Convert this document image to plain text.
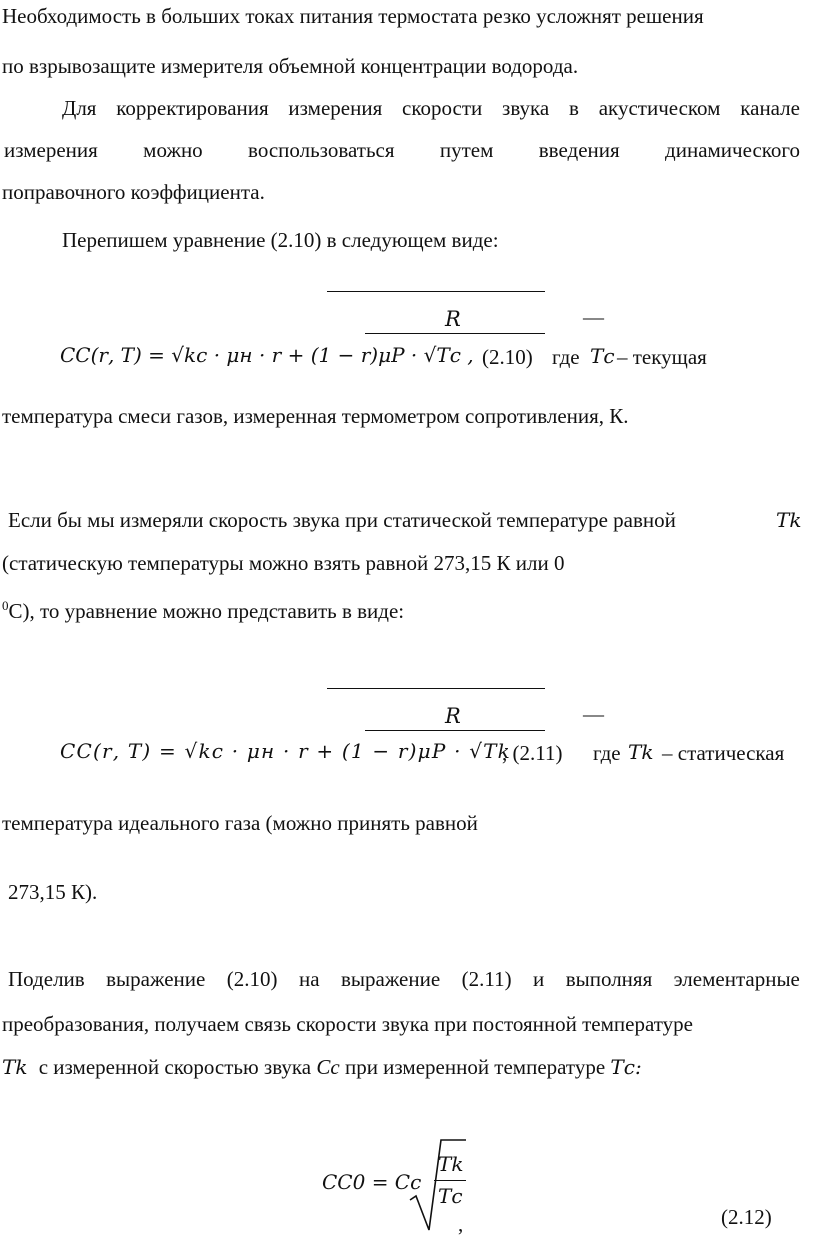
Необходимость в больших токах питания термостата резко усложнят решения
по взрывозащите измерителя объемной концентрации водорода.
Для корректирования измерения скорости звука в акустическом канале
измерения можно воспользоваться путем введения динамического
поправочного коэффициента.
Перепишем уравнение (2.10) в следующем виде:
R	—
𝐶𝐶(𝑟, 𝑇) = √𝑘𝑐 · 𝜇н · 𝑟 + (1 − 𝑟)𝜇𝑃 · √𝑇𝑐 , (2.10) где 𝑇𝑐 – текущая
температура смеси газов, измеренная термометром сопротивления, К.
Если бы мы измеряли скорость звука при статической температуре равной	𝑇𝑘
(статическую температуры можно взять равной 273,15 К или 0
$^0$С), то уравнение можно представить в виде:
R	—
𝐶𝐶(𝑟, 𝑇) = √𝑘𝑐 · 𝜇н · 𝑟 + (1 − 𝑟)𝜇𝑃 · √𝑇𝑘
, (2.11) где 𝑇𝑘 – статическая
температура идеального газа (можно принять равной
273,15 К).
Поделив выражение (2.10) на выражение (2.11) и выполняя элементарные
преобразования, получаем связь скорости звука при постоянной температуре
𝑇𝑘 с измеренной скоростью звука Cc при измеренной температуре 𝑇𝑐:
𝐶C0 = Cc
𝑇𝑘
𝑇𝑐
,	(2.12)
